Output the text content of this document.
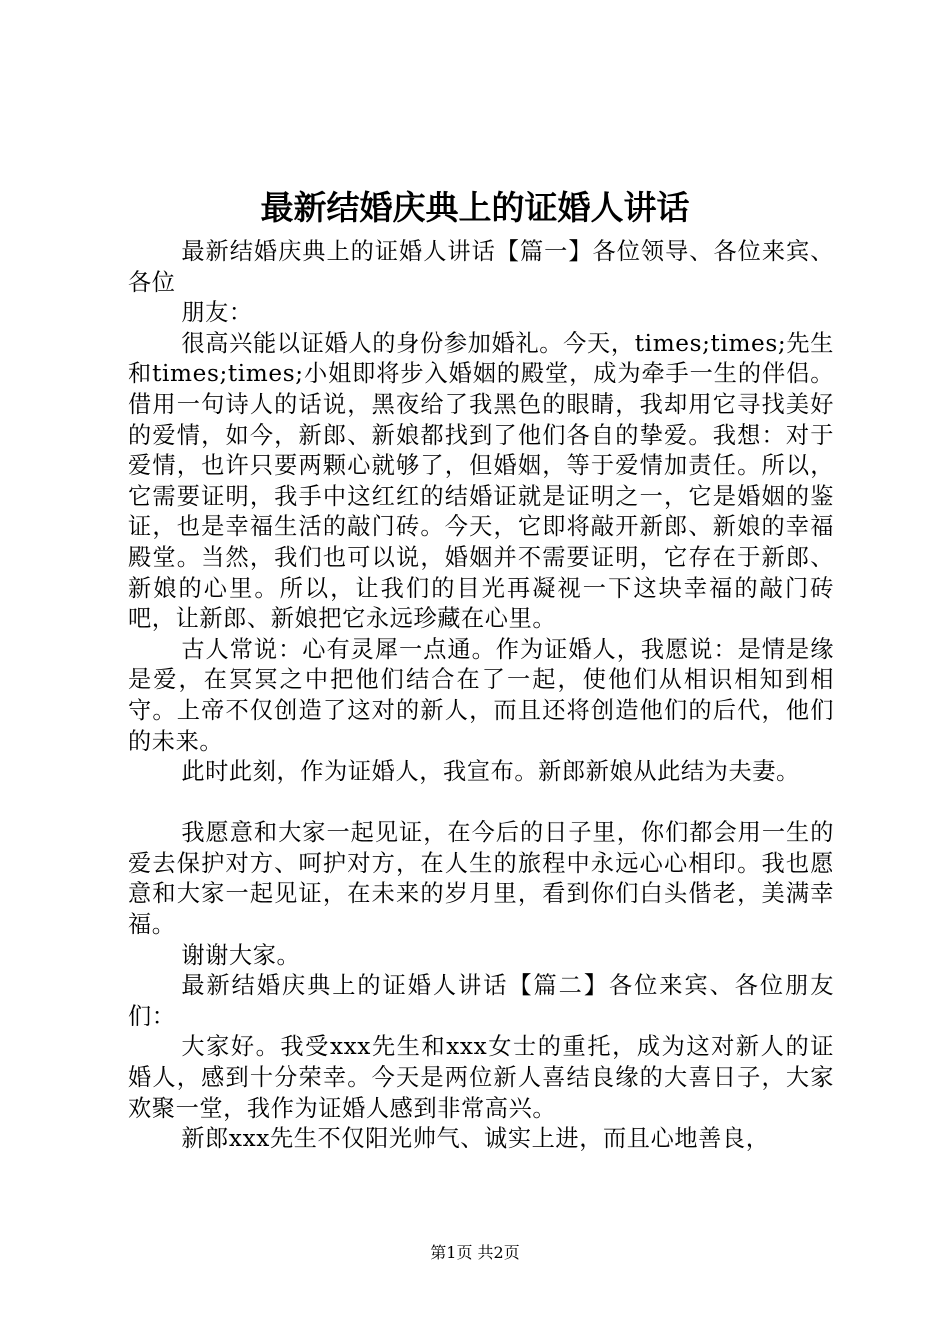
最新结婚庆典上的证婚人讲话

最新结婚庆典上的证婚人讲话【篇一】各位领导、各位来宾、各位

朋友：

很高兴能以证婚人的身份参加婚礼。今天，times;times;先生和times;times;小姐即将步入婚姻的殿堂，成为牵手一生的伴侣。借用一句诗人的话说，黑夜给了我黑色的眼睛，我却用它寻找美好的爱情，如今，新郎、新娘都找到了他们各自的挚爱。我想：对于爱情，也许只要两颗心就够了，但婚姻，等于爱情加责任。所以，它需要证明，我手中这红红的结婚证就是证明之一，它是婚姻的鉴证，也是幸福生活的敲门砖。今天，它即将敲开新郎、新娘的幸福殿堂。当然，我们也可以说，婚姻并不需要证明，它存在于新郎、新娘的心里。所以，让我们的目光再凝视一下这块幸福的敲门砖吧，让新郎、新娘把它永远珍藏在心里。

古人常说：心有灵犀一点通。作为证婚人，我愿说：是情是缘是爱，在冥冥之中把他们结合在了一起，使他们从相识相知到相守。上帝不仅创造了这对的新人，而且还将创造他们的后代，他们的未来。

此时此刻，作为证婚人，我宣布。新郎新娘从此结为夫妻。

我愿意和大家一起见证，在今后的日子里，你们都会用一生的爱去保护对方、呵护对方，在人生的旅程中永远心心相印。我也愿意和大家一起见证，在未来的岁月里，看到你们白头偕老，美满幸福。

谢谢大家。

最新结婚庆典上的证婚人讲话【篇二】各位来宾、各位朋友们：

大家好。我受xxx先生和xxx女士的重托，成为这对新人的证婚人，感到十分荣幸。今天是两位新人喜结良缘的大喜日子，大家欢聚一堂，我作为证婚人感到非常高兴。

新郎xxx先生不仅阳光帅气、诚实上进，而且心地善良，

第1页 共2页
